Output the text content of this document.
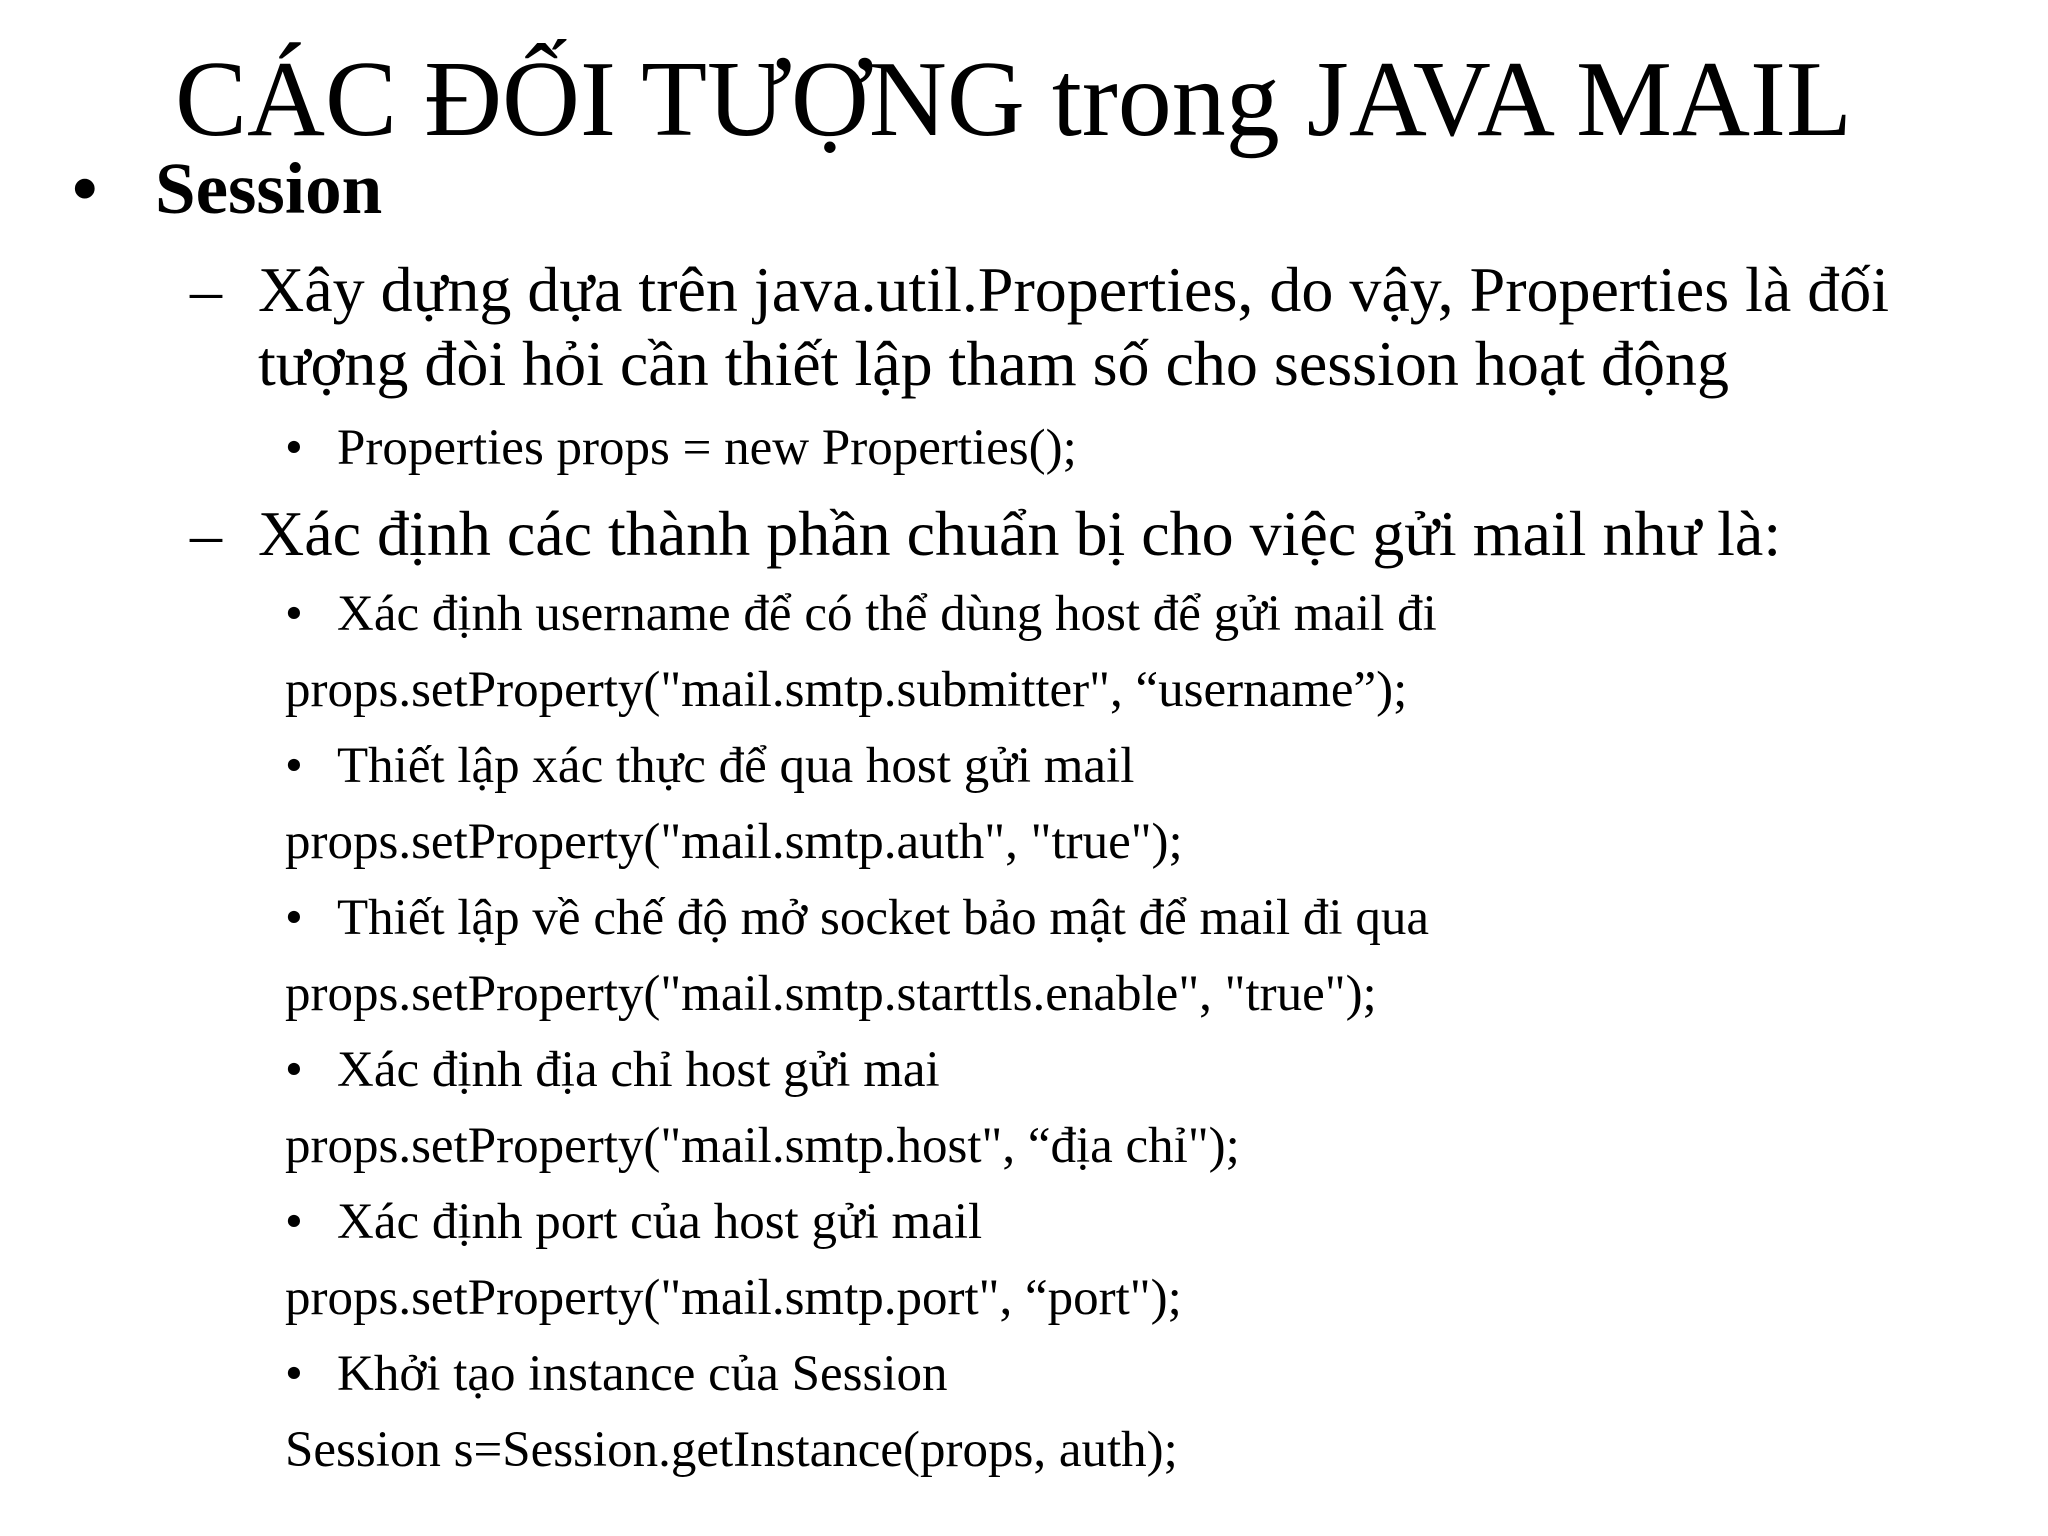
CÁC ĐỐI TƯỢNG trong JAVA MAIL
• Session
– Xây dựng dựa trên java.util.Properties, do vậy, Properties là đối
tượng đòi hỏi cần thiết lập tham số cho session hoạt động
• Properties props = new Properties();
– Xác định các thành phần chuẩn bị cho việc gửi mail như là:
• Xác định username để có thể dùng host để gửi mail đi
props.setProperty("mail.smtp.submitter", “username”);
• Thiết lập xác thực để qua host gửi mail
props.setProperty("mail.smtp.auth", "true");
• Thiết lập về chế độ mở socket bảo mật để mail đi qua
props.setProperty("mail.smtp.starttls.enable", "true");
• Xác định địa chỉ host gửi mai
props.setProperty("mail.smtp.host", “địa chỉ");
• Xác định port của host gửi mail
props.setProperty("mail.smtp.port", “port");
• Khởi tạo instance của Session
Session s=Session.getInstance(props, auth);
